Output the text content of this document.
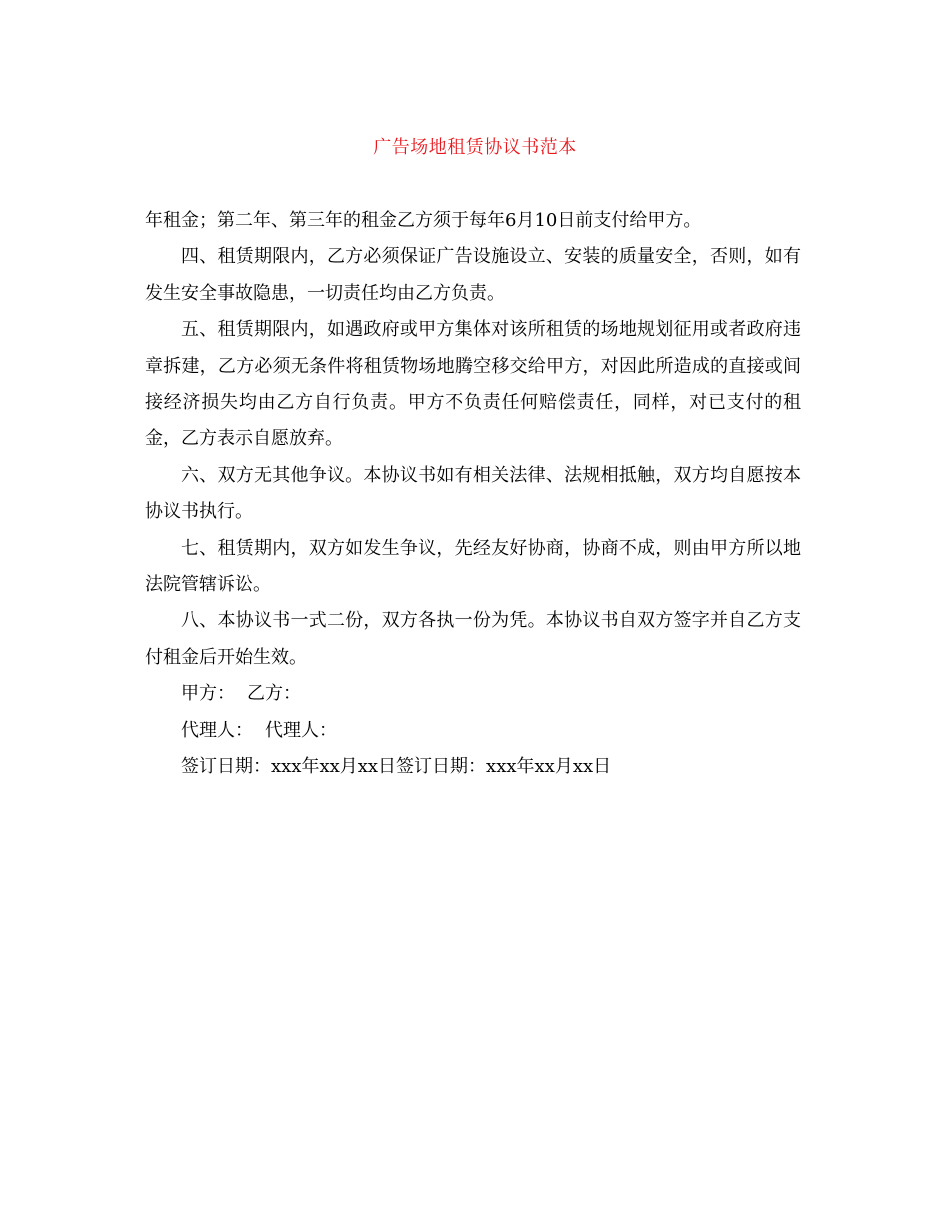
广告场地租赁协议书范本

年租金；第二年、第三年的租金乙方须于每年6月10日前支付给甲方。

四、租赁期限内，乙方必须保证广告设施设立、安装的质量安全，否则，如有发生安全事故隐患，一切责任均由乙方负责。

五、租赁期限内，如遇政府或甲方集体对该所租赁的场地规划征用或者政府违章拆建，乙方必须无条件将租赁物场地腾空移交给甲方，对因此所造成的直接或间接经济损失均由乙方自行负责。甲方不负责任何赔偿责任，同样，对已支付的租金，乙方表示自愿放弃。

六、双方无其他争议。本协议书如有相关法律、法规相抵触，双方均自愿按本协议书执行。

七、租赁期内，双方如发生争议，先经友好协商，协商不成，则由甲方所以地法院管辖诉讼。

八、本协议书一式二份，双方各执一份为凭。本协议书自双方签字并自乙方支付租金后开始生效。

甲方： 乙方：

代理人： 代理人：

签订日期：xxx年xx月xx日签订日期：xxx年xx月xx日
